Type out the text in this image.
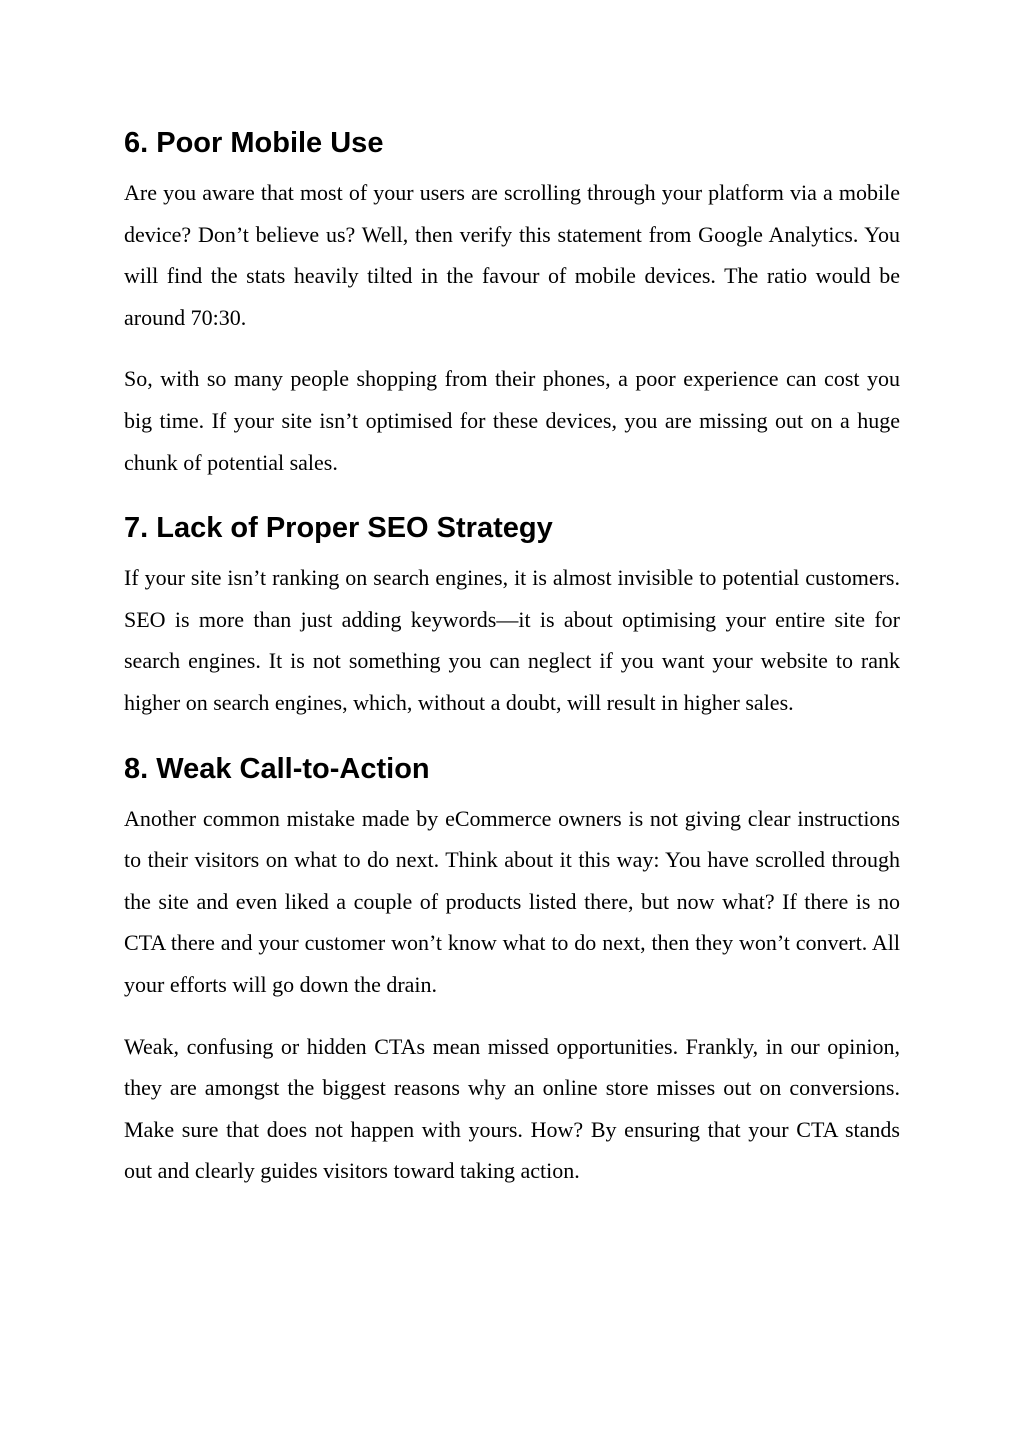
6. Poor Mobile Use

Are you aware that most of your users are scrolling through your platform via a mobile device? Don’t believe us? Well, then verify this statement from Google Analytics. You will find the stats heavily tilted in the favour of mobile devices. The ratio would be around 70:30.

So, with so many people shopping from their phones, a poor experience can cost you big time. If your site isn’t optimised for these devices, you are missing out on a huge chunk of potential sales.

7. Lack of Proper SEO Strategy

If your site isn’t ranking on search engines, it is almost invisible to potential customers. SEO is more than just adding keywords—it is about optimising your entire site for search engines. It is not something you can neglect if you want your website to rank higher on search engines, which, without a doubt, will result in higher sales.

8. Weak Call-to-Action

Another common mistake made by eCommerce owners is not giving clear instructions to their visitors on what to do next. Think about it this way: You have scrolled through the site and even liked a couple of products listed there, but now what? If there is no CTA there and your customer won’t know what to do next, then they won’t convert. All your efforts will go down the drain.

Weak, confusing or hidden CTAs mean missed opportunities. Frankly, in our opinion, they are amongst the biggest reasons why an online store misses out on conversions. Make sure that does not happen with yours. How? By ensuring that your CTA stands out and clearly guides visitors toward taking action.
